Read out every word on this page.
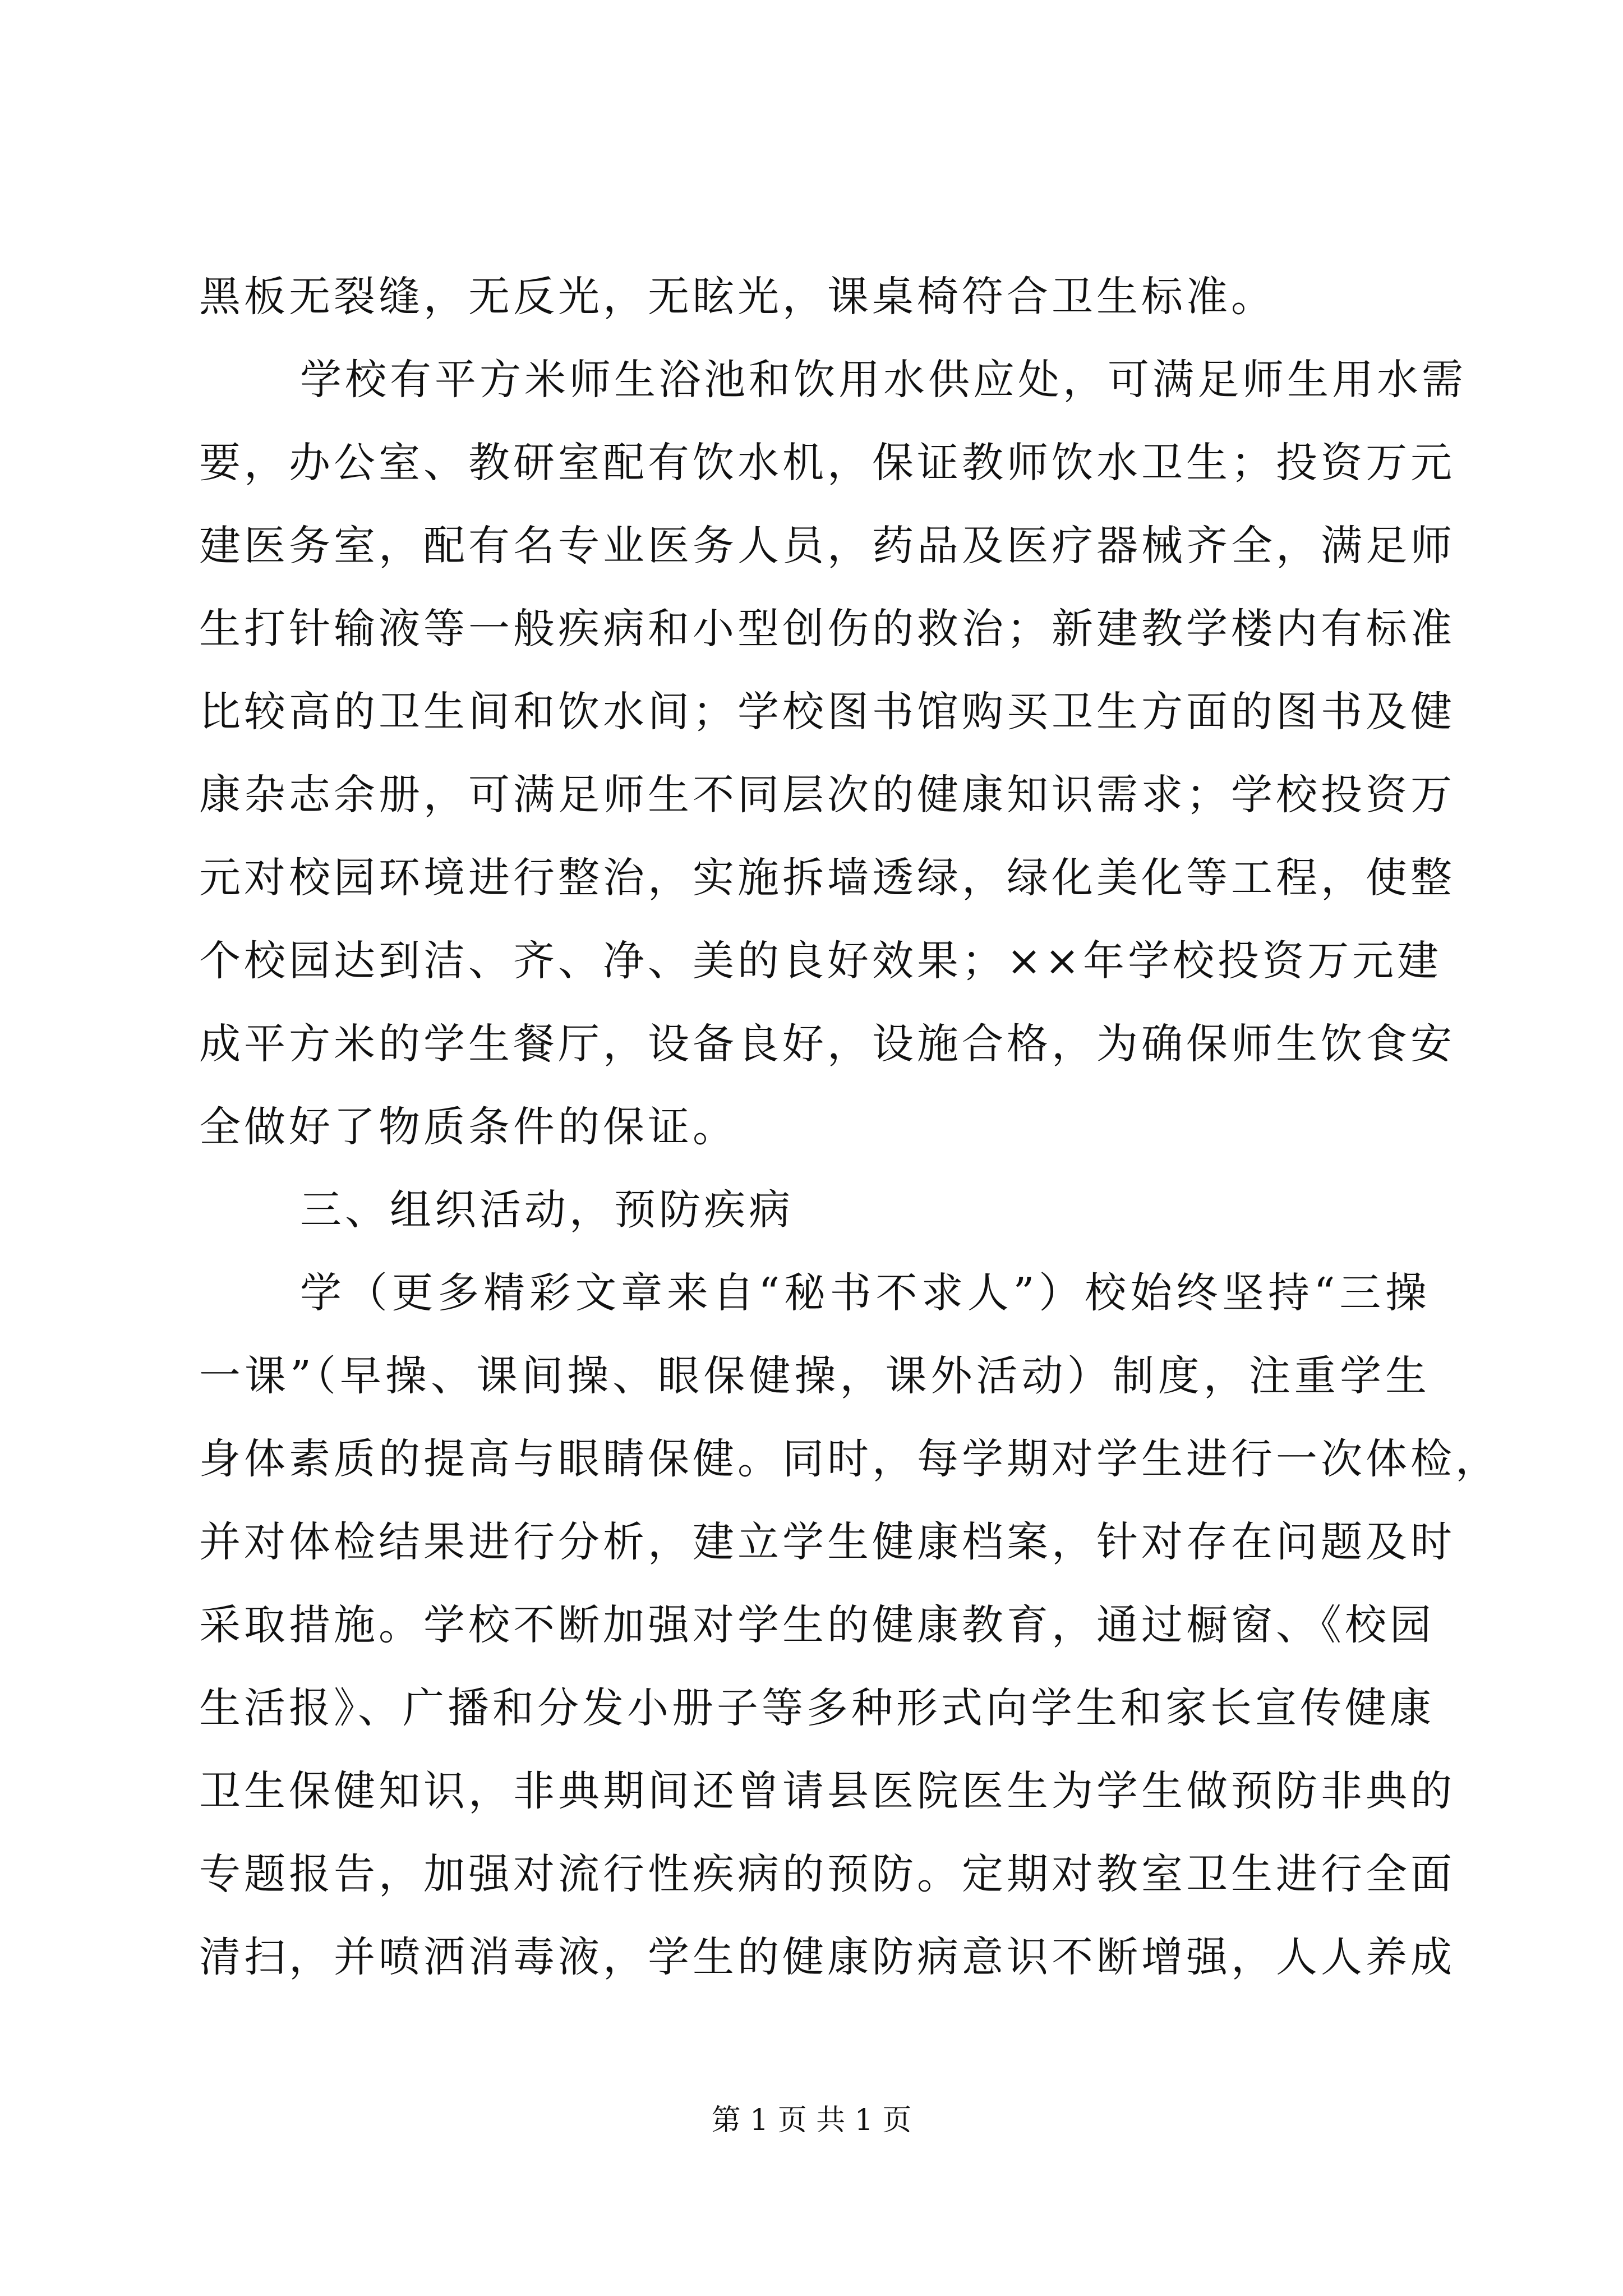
黑板无裂缝，无反光，无眩光，课桌椅符合卫生标准。
学校有平方米师生浴池和饮用水供应处，可满足师生用水需
要，办公室、教研室配有饮水机，保证教师饮水卫生；投资万元
建医务室，配有名专业医务人员，药品及医疗器械齐全，满足师
生打针输液等一般疾病和小型创伤的救治；新建教学楼内有标准
比较高的卫生间和饮水间；学校图书馆购买卫生方面的图书及健
康杂志余册，可满足师生不同层次的健康知识需求；学校投资万
元对校园环境进行整治，实施拆墙透绿，绿化美化等工程，使整
个校园达到洁、齐、净、美的良好效果；××年学校投资万元建
成平方米的学生餐厅，设备良好，设施合格，为确保师生饮食安
全做好了物质条件的保证。
三、组织活动，预防疾病
学（更多精彩文章来自“秘书不求人”）校始终坚持“三操
一课”（早操、课间操、眼保健操，课外活动）制度，注重学生
身体素质的提高与眼睛保健。同时，每学期对学生进行一次体检，
并对体检结果进行分析，建立学生健康档案，针对存在问题及时
采取措施。学校不断加强对学生的健康教育，通过橱窗、《校园
生活报》、广播和分发小册子等多种形式向学生和家长宣传健康
卫生保健知识，非典期间还曾请县医院医生为学生做预防非典的
专题报告，加强对流行性疾病的预防。定期对教室卫生进行全面
清扫，并喷洒消毒液，学生的健康防病意识不断增强，人人养成
第 1 页 共 1 页
